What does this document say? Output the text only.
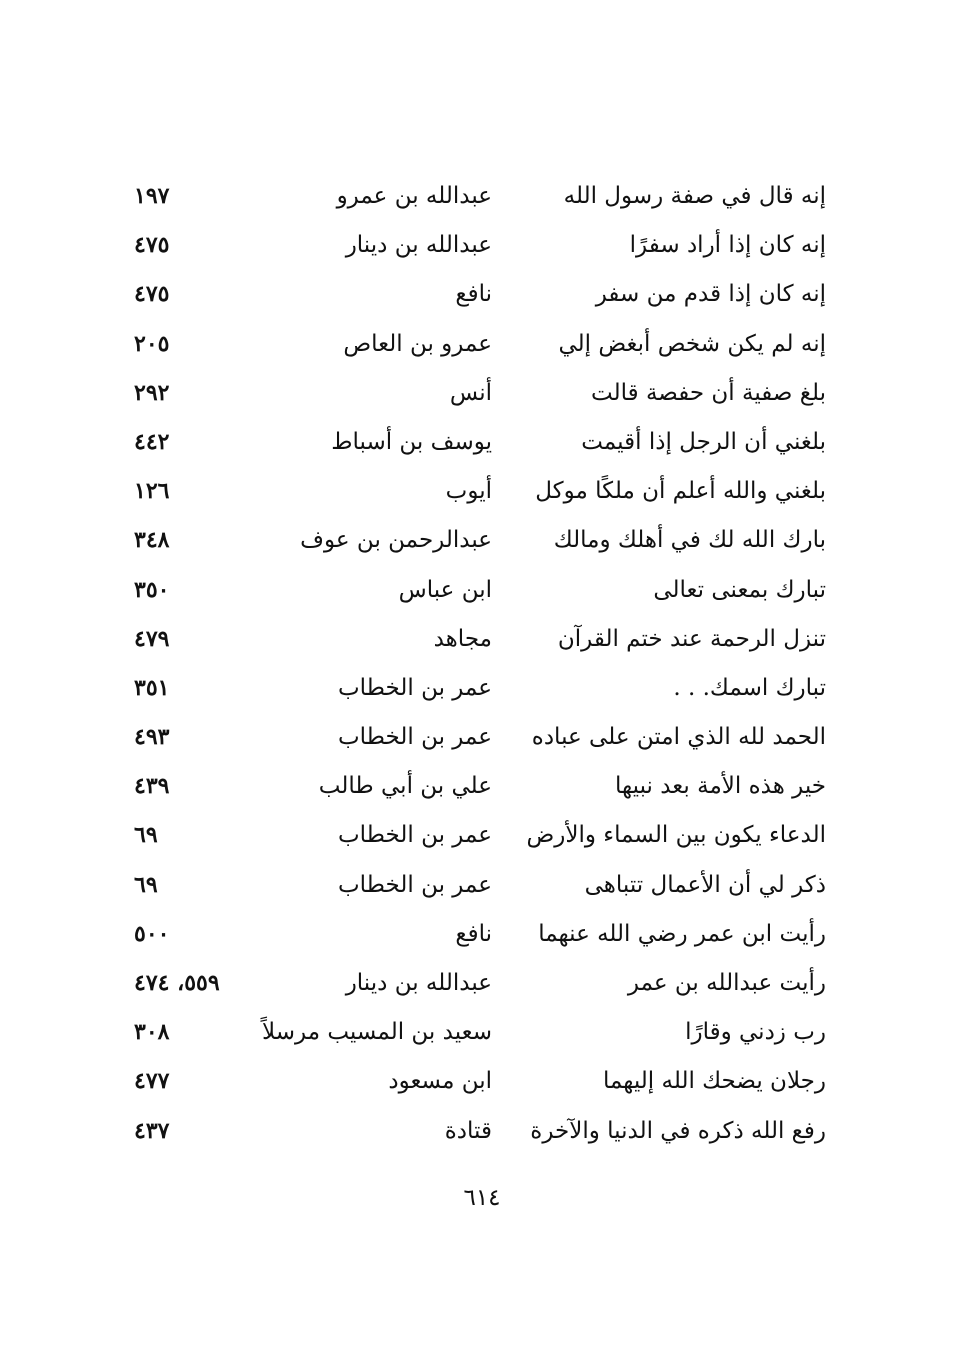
إنه قال في صفة رسول الله
عبدالله بن عمرو
١٩٧
إنه كان إذا أراد سفرًا
عبدالله بن دينار
٤٧٥
إنه كان إذا قدم من سفر
نافع
٤٧٥
إنه لم يكن شخص أبغض إلي
عمرو بن العاص
٢٠٥
بلغ صفية أن حفصة قالت
أنس
٢٩٢
بلغني أن الرجل إذا أقيمت
يوسف بن أسباط
٤٤٢
بلغني والله أعلم أن ملكًا موكل
أيوب
١٢٦
بارك الله لك في أهلك ومالك
عبدالرحمن بن عوف
٣٤٨
تبارك بمعنى تعالى
ابن عباس
٣٥٠
تنزل الرحمة عند ختم القرآن
مجاهد
٤٧٩
تبارك اسمك. . .
عمر بن الخطاب
٣٥١
الحمد لله الذي امتن على عباده
عمر بن الخطاب
٤٩٣
خير هذه الأمة بعد نبيها
علي بن أبي طالب
٤٣٩
الدعاء يكون بين السماء والأرض
عمر بن الخطاب
٦٩
ذكر لي أن الأعمال تتباهى
عمر بن الخطاب
٦٩
رأيت ابن عمر رضي الله عنهما
نافع
٥٠٠
رأيت عبدالله بن عمر
عبدالله بن دينار
٥٥٩، ٤٧٤
رب زدني وقارًا
سعيد بن المسيب مرسلاً
٣٠٨
رجلان يضحك الله إليهما
ابن مسعود
٤٧٧
رفع الله ذكره في الدنيا والآخرة
قتادة
٤٣٧
٦١٤
